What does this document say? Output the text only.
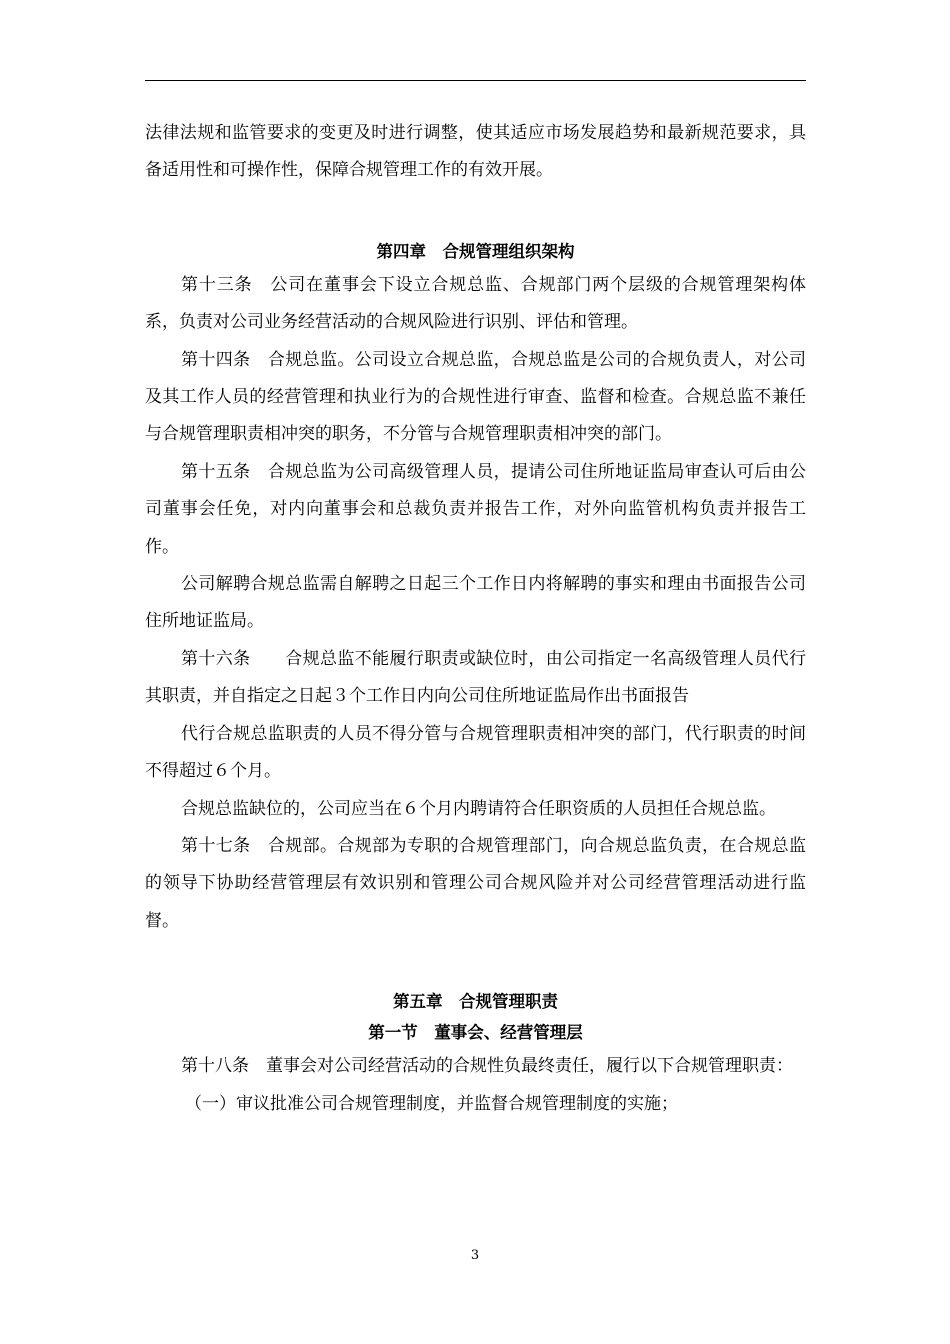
法律法规和监管要求的变更及时进行调整，使其适应市场发展趋势和最新规范要求，具备适用性和可操作性，保障合规管理工作的有效开展。

第四章　合规管理组织架构

第十三条　公司在董事会下设立合规总监、合规部门两个层级的合规管理架构体系，负责对公司业务经营活动的合规风险进行识别、评估和管理。

第十四条　合规总监。公司设立合规总监，合规总监是公司的合规负责人，对公司及其工作人员的经营管理和执业行为的合规性进行审查、监督和检查。合规总监不兼任与合规管理职责相冲突的职务，不分管与合规管理职责相冲突的部门。

第十五条　合规总监为公司高级管理人员，提请公司住所地证监局审查认可后由公司董事会任免，对内向董事会和总裁负责并报告工作，对外向监管机构负责并报告工作。

公司解聘合规总监需自解聘之日起三个工作日内将解聘的事实和理由书面报告公司住所地证监局。

第十六条　　合规总监不能履行职责或缺位时，由公司指定一名高级管理人员代行其职责，并自指定之日起３个工作日内向公司住所地证监局作出书面报告

代行合规总监职责的人员不得分管与合规管理职责相冲突的部门，代行职责的时间不得超过６个月。

合规总监缺位的，公司应当在６个月内聘请符合任职资质的人员担任合规总监。

第十七条　合规部。合规部为专职的合规管理部门，向合规总监负责，在合规总监的领导下协助经营管理层有效识别和管理公司合规风险并对公司经营管理活动进行监督。

第五章　合规管理职责

第一节　董事会、经营管理层

第十八条　董事会对公司经营活动的合规性负最终责任，履行以下合规管理职责：

（一）审议批准公司合规管理制度，并监督合规管理制度的实施；

3
